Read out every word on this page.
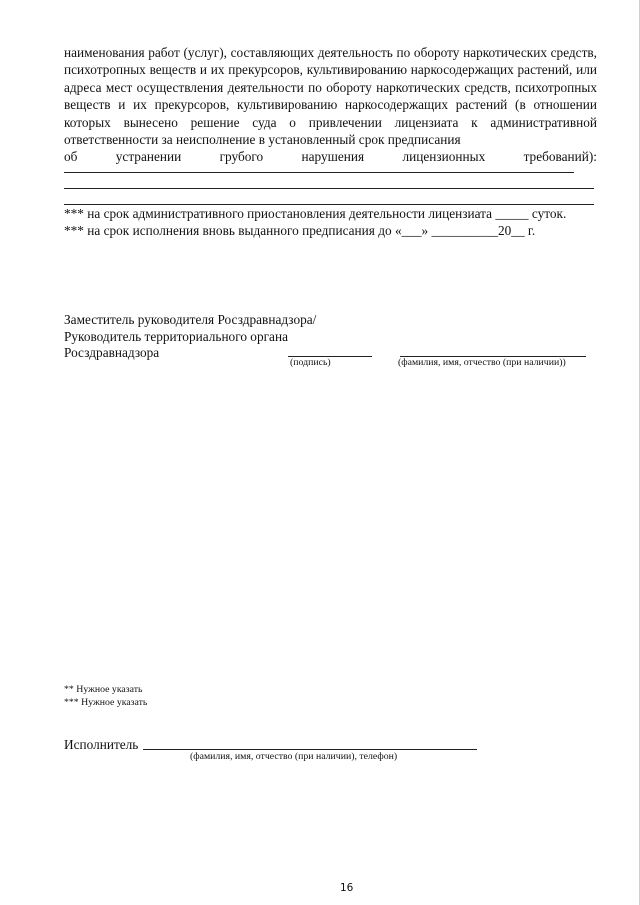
наименования работ (услуг), составляющих деятельность по обороту наркотических средств, психотропных веществ и их прекурсоров, культивированию наркосодержащих растений, или адреса мест осуществления деятельности по обороту наркотических средств, психотропных веществ и их прекурсоров, культивированию наркосодержащих растений (в отношении которых вынесено решение суда о привлечении лицензиата к административной ответственности за неисполнение в установленный срок предписания
об устранении грубого нарушения лицензионных требований):
*** на срок административного приостановления деятельности лицензиата _____ суток.
*** на срок исполнения вновь выданного предписания до «___» __________20__ г.
Заместитель руководителя Росздравнадзора/
Руководитель территориального органа
Росздравнадзора
(подпись)	(фамилия, имя, отчество (при наличии))
** Нужное указать
*** Нужное указать
Исполнитель
(фамилия, имя, отчество (при наличии), телефон)
16
